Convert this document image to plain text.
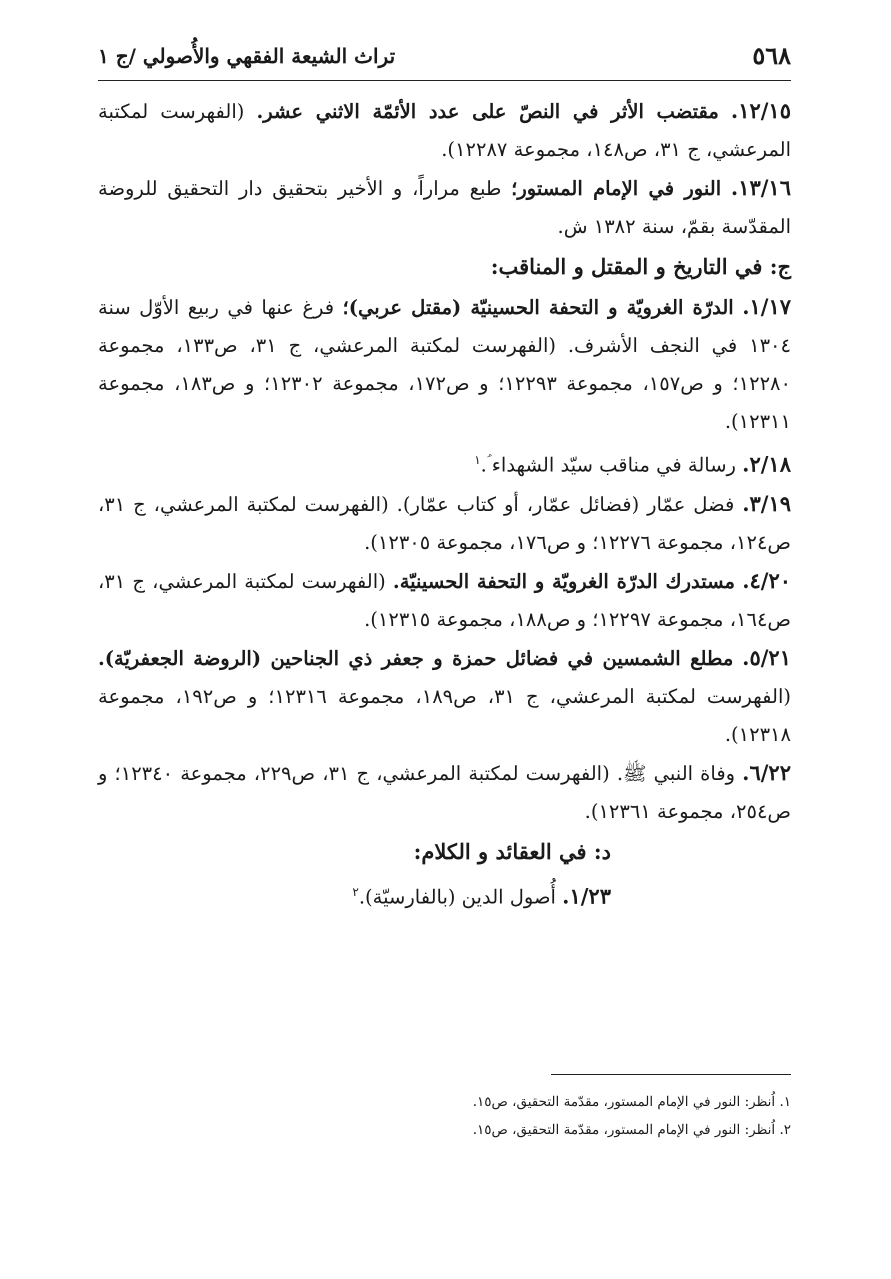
٥٦٨
تراث الشيعة الفقهي والأُصولي /ج ١

١٢/١٥. مقتضب الأثر في النصّ على عدد الأئمّة الاثني عشر. (الفهرست لمكتبة المرعشي، ج ٣١، ص١٤٨، مجموعة ١٢٢٨٧).

١٣/١٦. النور في الإمام المستور؛ طبع مراراً، و الأخير بتحقيق دار التحقيق للروضة المقدّسة بقمّ، سنة ١٣٨٢ ش.

ج: في التاريخ و المقتل و المناقب:

١/١٧. الدرّة الغرويّة و التحفة الحسينيّة (مقتل عربي)؛ فرغ عنها في ربيع الأوّل سنة ١٣٠٤ في النجف الأشرف. (الفهرست لمكتبة المرعشي، ج ٣١، ص١٣٣، مجموعة ١٢٢٨٠؛ و ص١٥٧، مجموعة ١٢٢٩٣؛ و ص١٧٢، مجموعة ١٢٣٠٢؛ و ص١٨٣، مجموعة ١٢٣١١).

٢/١٨. رسالة في مناقب سيّد الشهداء ؑ.$^١$

٣/١٩. فضل عمّار (فضائل عمّار، أو كتاب عمّار). (الفهرست لمكتبة المرعشي، ج ٣١، ص١٢٤، مجموعة ١٢٢٧٦؛ و ص١٧٦، مجموعة ١٢٣٠٥).

٤/٢٠. مستدرك الدرّة الغرويّة و التحفة الحسينيّة. (الفهرست لمكتبة المرعشي، ج ٣١، ص١٦٤، مجموعة ١٢٢٩٧؛ و ص١٨٨، مجموعة ١٢٣١٥).

٥/٢١. مطلع الشمسين في فضائل حمزة و جعفر ذي الجناحين (الروضة الجعفريّة). (الفهرست لمكتبة المرعشي، ج ٣١، ص١٨٩، مجموعة ١٢٣١٦؛ و ص١٩٢، مجموعة ١٢٣١٨).

٦/٢٢. وفاة النبي ﷺ. (الفهرست لمكتبة المرعشي، ج ٣١، ص٢٢٩، مجموعة ١٢٣٤٠؛ و ص٢٥٤، مجموعة ١٢٣٦١).

د: في العقائد و الكلام:

١/٢٣. أُصول الدين (بالفارسيّة).$^٢$

١. اُنظر: النور في الإمام المستور، مقدّمة التحقيق، ص١٥.

٢. اُنظر: النور في الإمام المستور، مقدّمة التحقيق، ص١٥.
